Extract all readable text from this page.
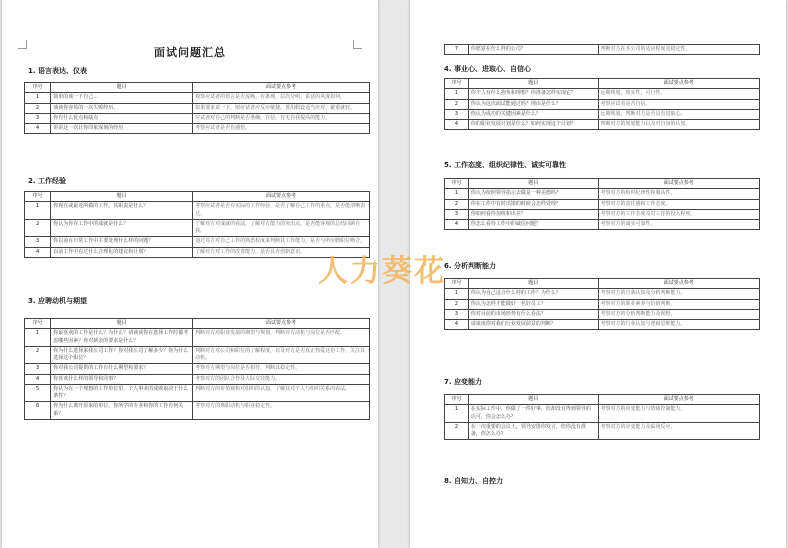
面试问题汇总
1. 语言表达、仪表
序号	题目	面试要点参考
1	简单的谈一下自己…	观察应试者的语言是否流畅，有条理，层次分明，讲话的风度如何。
2	谈谈你容易的一次失败经历。	如果要求说一下，则应试者应反应敏捷，善用假设适当应对，避重就轻。
3	你有什么优点和缺点	应试者对自己的判断是否准确，自信，有无自我提高的能力。
4	讲讲这一次让你印象深刻的经历	考察应试者是否有感悟。
2. 工作经验
序号	题目	面试要点参考
1	你现在或最近所做的工作，其职责是什么？	考察应试者是否有实际的工作经验，是否了解自己工作的重点，是否能清晰表达。
2	你认为你在工作中的成就是什么？	了解对方对成就的看法，了解对方能力的突出点，是否能客观的总结回顾自我。
3	你以前在日常工作中主要处理什么样的问题？	通过对方对自己工作的熟悉程度来判断其工作能力，是否与所应聘职位吻合。
4	以前工作中有过什么合理化的建议和计划？	了解对方对工作的改善能力，是否具有创新意识。
3. 应聘动机与期望
序号	题目	面试要点参考
1	你最喜欢的工作是什么？为什么？请谈谈你在选择工作时都考虑哪些因素？你对薪金的要求是什么？	判断对方对职业发展的期望与规划，判断对方动机与岗位是否匹配。
2	你为什么选择来我公司工作？你对我公司了解多少？你为什么选择这个职位？	判断对方对公司和职位的了解程度，以及对方是否真正热爱这份工作，关注其动机。
3	你对我公司提供的工作有什么期望和要求？	考察对方期望与岗位是否相符，判断其稳定性。
4	你喜欢什么样的领导和同事？	考察对方的团队合作及人际交往能力。
5	你认为在一个理想的工作单位里，个人事业的成败取决于什么条件？	判断对方的价值观和对组织的认知，了解其对个人与组织关系的看法。
6	你为什么离开原来的单位，你所学的专业和你的工作有何关系？	考察对方的离职动机与职业稳定性。
7	你愿意在什么样的公司？	判断对方在本公司的适应程度及稳定性。
4. 事业心、进取心、自信心
序号	题目	面试要点参考
1	你个人有什么抱负和理想？你准备怎样实现它？	远期规划，现实性，可行性。
2	你认为这次面试能通过吗？理由是什么？	考察应试者是否自信。
3	你认为成功的关键因素是什么？	远期规划，判断对方是否具有进取心。
4	你的职业发展计划是什么？如何实现这个计划？	判断对方的规划能力以及对自身的认知。
5. 工作态度、组织纪律性、诚实可靠性
序号	题目	面试要点参考
1	你认为按照领导指示去做是一种美德吗？	考察对方的组织纪律性和服从性。
2	你在工作中有时出错的时候会怎样处理？	考察对方的责任感和工作态度。
3	你如何看待加班和出差？	考察对方的工作态度及对工作的投入程度。
4	你怎么看待工作中的诚信问题？	考察对方的诚实可靠性。
6. 分析判断能力
序号	题目	面试要点参考
1	你认为自己适合什么样的工作？为什么？	考察对方的自我认知及分析判断能力。
2	你认为怎样才能做好一名好员工？	考察对方的职业素养与价值判断。
3	你对目前的市场形势有什么看法？	考察对方的分析判断能力及视野。
4	请谈谈你对我们行业发展前景的判断？	考察对方的行业认知与逻辑思维能力。
7. 应变能力
序号	题目	面试要点参考
1	在实际工作中，你做了一件好事，但却没有得到领导的认可，你会怎么办？	考察对方的应变能力与情绪控制能力。
2	在一次重要的会议上，领导安排你发言，但你没有准备，你怎么办？	考察对方的应变能力及临场反应。
8. 自知力、自控力
人力葵花
